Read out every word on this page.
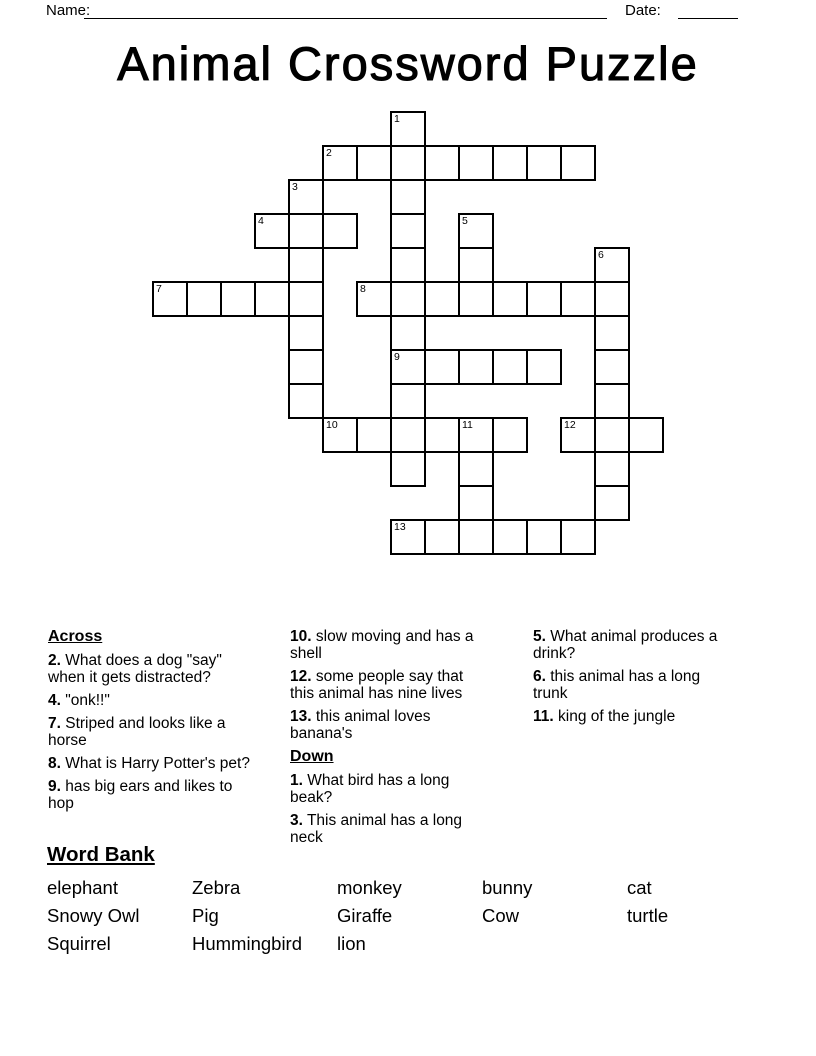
Name:	Date:
Animal Crossword Puzzle
1
9
2
3
4	5
6
7	8
10	11	12
13
Across
2. What does a dog "say" when it gets distracted?
4. "onk!!"
7. Striped and looks like a horse
8. What is Harry Potter's pet?
9. has big ears and likes to hop
10. slow moving and has a shell
12. some people say that this animal has nine lives
13. this animal loves banana's
Down
1. What bird has a long beak?
3. This animal has a long neck
5. What animal produces a drink?
6. this animal has a long trunk
11. king of the jungle
Word Bank
elephant	Zebra	monkey	bunny	cat
Snowy Owl	Pig	Giraffe	Cow	turtle
Squirrel	Hummingbird	lion
